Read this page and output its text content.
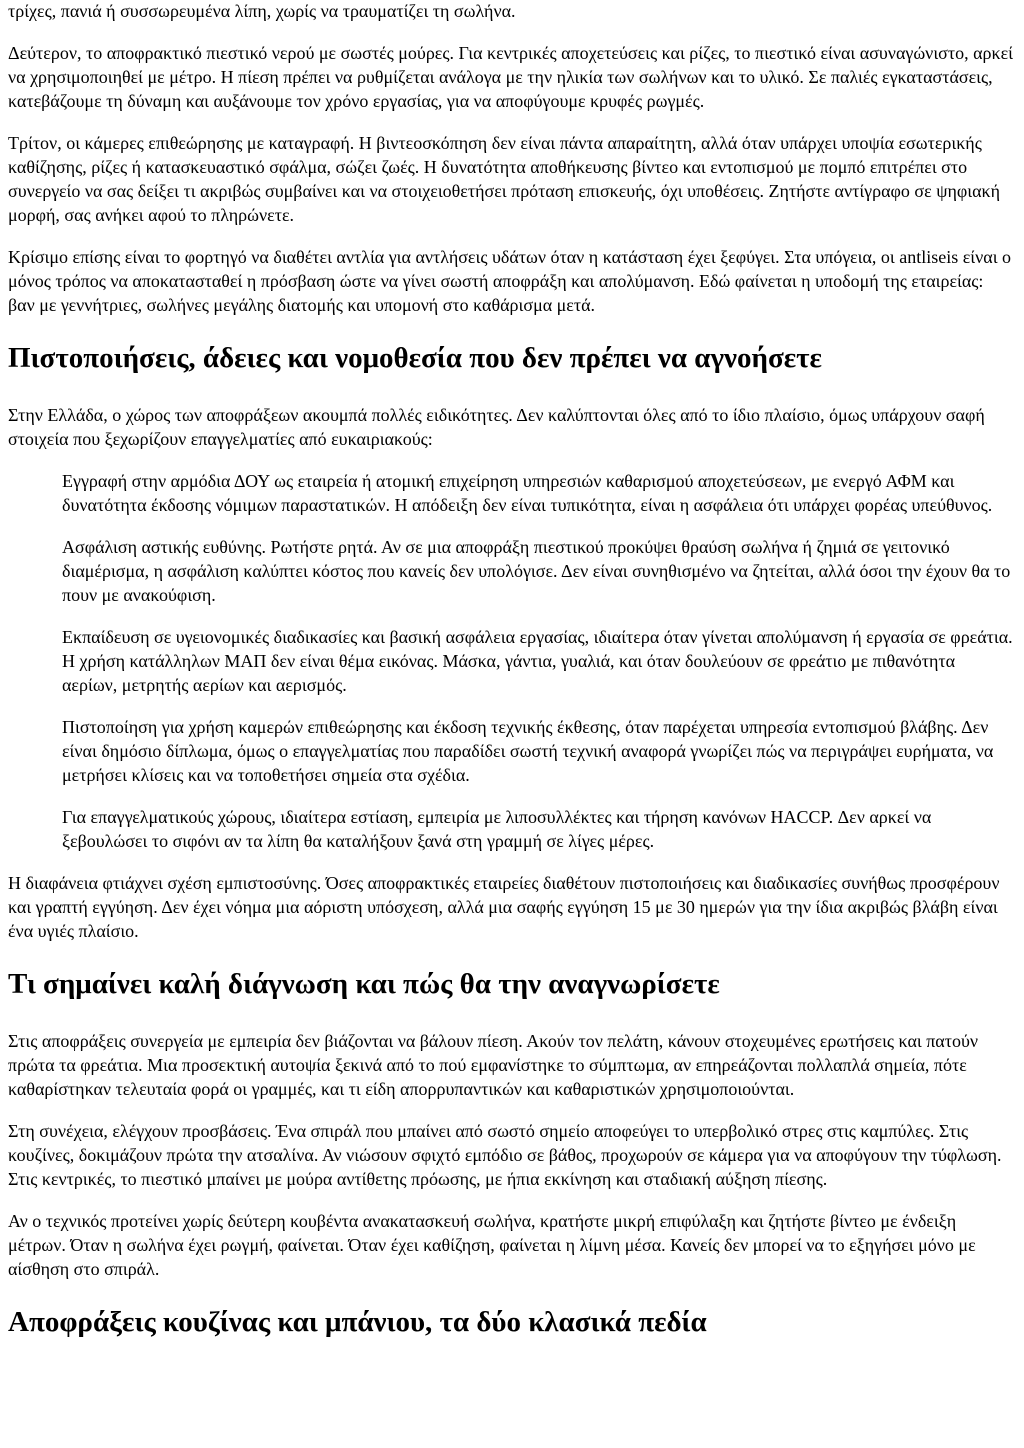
τρίχες, πανιά ή συσσωρευμένα λίπη, χωρίς να τραυματίζει τη σωλήνα.

Δεύτερον, το αποφρακτικό πιεστικό νερού με σωστές μούρες. Για κεντρικές αποχετεύσεις και ρίζες, το πιεστικό είναι ασυναγώνιστο, αρκεί να χρησιμοποιηθεί με μέτρο. Η πίεση πρέπει να ρυθμίζεται ανάλογα με την ηλικία των σωλήνων και το υλικό. Σε παλιές εγκαταστάσεις, κατεβάζουμε τη δύναμη και αυξάνουμε τον χρόνο εργασίας, για να αποφύγουμε κρυφές ρωγμές.

Τρίτον, οι κάμερες επιθεώρησης με καταγραφή. Η βιντεοσκόπηση δεν είναι πάντα απαραίτητη, αλλά όταν υπάρχει υποψία εσωτερικής καθίζησης, ρίζες ή κατασκευαστικό σφάλμα, σώζει ζωές. Η δυνατότητα αποθήκευσης βίντεο και εντοπισμού με πομπό επιτρέπει στο συνεργείο να σας δείξει τι ακριβώς συμβαίνει και να στοιχειοθετήσει πρόταση επισκευής, όχι υποθέσεις. Ζητήστε αντίγραφο σε ψηφιακή μορφή, σας ανήκει αφού το πληρώνετε.

Κρίσιμο επίσης είναι το φορτηγό να διαθέτει αντλία για αντλήσεις υδάτων όταν η κατάσταση έχει ξεφύγει. Στα υπόγεια, οι antliseis είναι ο μόνος τρόπος να αποκατασταθεί η πρόσβαση ώστε να γίνει σωστή αποφράξη και απολύμανση. Εδώ φαίνεται η υποδομή της εταιρείας: βαν με γεννήτριες, σωλήνες μεγάλης διατομής και υπομονή στο καθάρισμα μετά.

Πιστοποιήσεις, άδειες και νομοθεσία που δεν πρέπει να αγνοήσετε

Στην Ελλάδα, ο χώρος των αποφράξεων ακουμπά πολλές ειδικότητες. Δεν καλύπτονται όλες από το ίδιο πλαίσιο, όμως υπάρχουν σαφή στοιχεία που ξεχωρίζουν επαγγελματίες από ευκαιριακούς:

Εγγραφή στην αρμόδια ΔΟΥ ως εταιρεία ή ατομική επιχείρηση υπηρεσιών καθαρισμού αποχετεύσεων, με ενεργό ΑΦΜ και δυνατότητα έκδοσης νόμιμων παραστατικών. Η απόδειξη δεν είναι τυπικότητα, είναι η ασφάλεια ότι υπάρχει φορέας υπεύθυνος.
Ασφάλιση αστικής ευθύνης. Ρωτήστε ρητά. Αν σε μια αποφράξη πιεστικού προκύψει θραύση σωλήνα ή ζημιά σε γειτονικό διαμέρισμα, η ασφάλιση καλύπτει κόστος που κανείς δεν υπολόγισε. Δεν είναι συνηθισμένο να ζητείται, αλλά όσοι την έχουν θα το πουν με ανακούφιση.
Εκπαίδευση σε υγειονομικές διαδικασίες και βασική ασφάλεια εργασίας, ιδιαίτερα όταν γίνεται απολύμανση ή εργασία σε φρεάτια. Η χρήση κατάλληλων ΜΑΠ δεν είναι θέμα εικόνας. Μάσκα, γάντια, γυαλιά, και όταν δουλεύουν σε φρεάτιο με πιθανότητα αερίων, μετρητής αερίων και αερισμός.
Πιστοποίηση για χρήση καμερών επιθεώρησης και έκδοση τεχνικής έκθεσης, όταν παρέχεται υπηρεσία εντοπισμού βλάβης. Δεν είναι δημόσιο δίπλωμα, όμως ο επαγγελματίας που παραδίδει σωστή τεχνική αναφορά γνωρίζει πώς να περιγράψει ευρήματα, να μετρήσει κλίσεις και να τοποθετήσει σημεία στα σχέδια.
Για επαγγελματικούς χώρους, ιδιαίτερα εστίαση, εμπειρία με λιποσυλλέκτες και τήρηση κανόνων HACCP. Δεν αρκεί να ξεβουλώσει το σιφόνι αν τα λίπη θα καταλήξουν ξανά στη γραμμή σε λίγες μέρες.

Η διαφάνεια φτιάχνει σχέση εμπιστοσύνης. Όσες αποφρακτικές εταιρείες διαθέτουν πιστοποιήσεις και διαδικασίες συνήθως προσφέρουν και γραπτή εγγύηση. Δεν έχει νόημα μια αόριστη υπόσχεση, αλλά μια σαφής εγγύηση 15 με 30 ημερών για την ίδια ακριβώς βλάβη είναι ένα υγιές πλαίσιο.

Τι σημαίνει καλή διάγνωση και πώς θα την αναγνωρίσετε

Στις αποφράξεις συνεργεία με εμπειρία δεν βιάζονται να βάλουν πίεση. Ακούν τον πελάτη, κάνουν στοχευμένες ερωτήσεις και πατούν πρώτα τα φρεάτια. Μια προσεκτική αυτοψία ξεκινά από το πού εμφανίστηκε το σύμπτωμα, αν επηρεάζονται πολλαπλά σημεία, πότε καθαρίστηκαν τελευταία φορά οι γραμμές, και τι είδη απορρυπαντικών και καθαριστικών χρησιμοποιούνται.

Στη συνέχεια, ελέγχουν προσβάσεις. Ένα σπιράλ που μπαίνει από σωστό σημείο αποφεύγει το υπερβολικό στρες στις καμπύλες. Στις κουζίνες, δοκιμάζουν πρώτα την ατσαλίνα. Αν νιώσουν σφιχτό εμπόδιο σε βάθος, προχωρούν σε κάμερα για να αποφύγουν την τύφλωση. Στις κεντρικές, το πιεστικό μπαίνει με μούρα αντίθετης πρόωσης, με ήπια εκκίνηση και σταδιακή αύξηση πίεσης.

Αν ο τεχνικός προτείνει χωρίς δεύτερη κουβέντα ανακατασκευή σωλήνα, κρατήστε μικρή επιφύλαξη και ζητήστε βίντεο με ένδειξη μέτρων. Όταν η σωλήνα έχει ρωγμή, φαίνεται. Όταν έχει καθίζηση, φαίνεται η λίμνη μέσα. Κανείς δεν μπορεί να το εξηγήσει μόνο με αίσθηση στο σπιράλ.

Αποφράξεις κουζίνας και μπάνιου, τα δύο κλασικά πεδία
